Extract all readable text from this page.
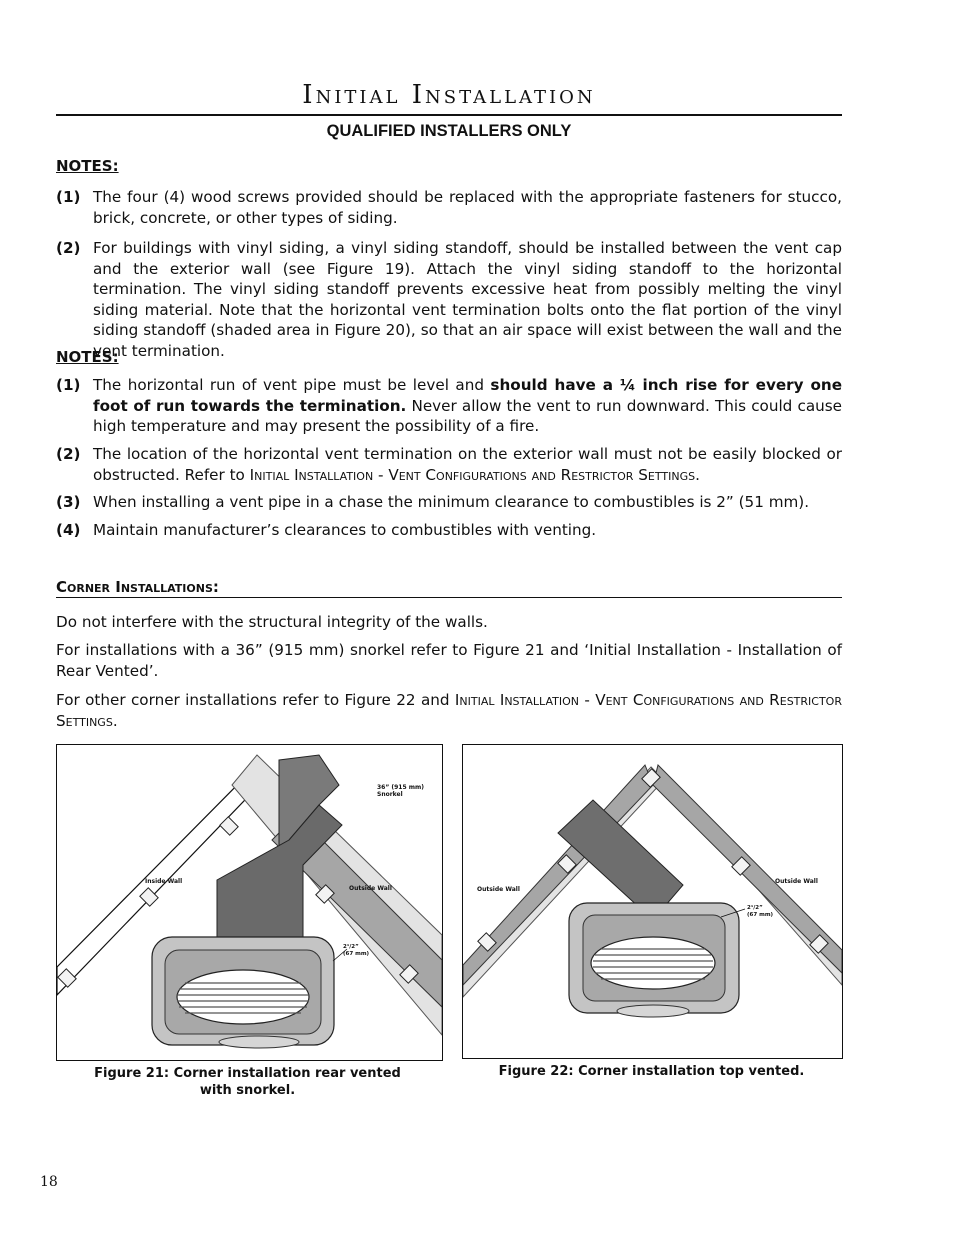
Initial Installation
QUALIFIED INSTALLERS ONLY
NOTES:
(1) The four (4) wood screws provided should be replaced with the appropriate fasteners for stucco, brick, concrete, or other types of siding.
(2) For buildings with vinyl siding, a vinyl siding standoff, should be installed between the vent cap and the exterior wall (see Figure 19). Attach the vinyl siding standoff to the horizontal termination. The vinyl siding standoff prevents excessive heat from possibly melting the vinyl siding material. Note that the horizontal vent termination bolts onto the flat portion of the vinyl siding standoff (shaded area in Figure 20), so that an air space will exist between the wall and the vent termination.
NOTES:
(1) The horizontal run of vent pipe must be level and should have a ¼ inch rise for every one foot of run towards the termination. Never allow the vent to run downward. This could cause high temperature and may present the possibility of a fire.
(2) The location of the horizontal vent termination on the exterior wall must not be easily blocked or obstructed. Refer to Initial Installation - Vent Configurations and Restrictor Settings.
(3) When installing a vent pipe in a chase the minimum clearance to combustibles is 2” (51 mm).
(4) Maintain manufacturer’s clearances to combustibles with venting.
Corner Installations:
Do not interfere with the structural integrity of the walls.
For installations with a 36” (915 mm) snorkel refer to Figure 21 and ‘Initial Installation - Installation of Rear Vented’.
For other corner installations refer to Figure 22 and Initial Installation - Vent Configurations and Restrictor Settings.
36” (915 mm)
Snorkel
Inside Wall
Outside Wall
2¹/2”
(67 mm)
Figure 21: Corner installation rear vented with snorkel.
Outside Wall
Outside Wall
2¹/2”
(67 mm)
Figure 22: Corner installation top vented.
18
